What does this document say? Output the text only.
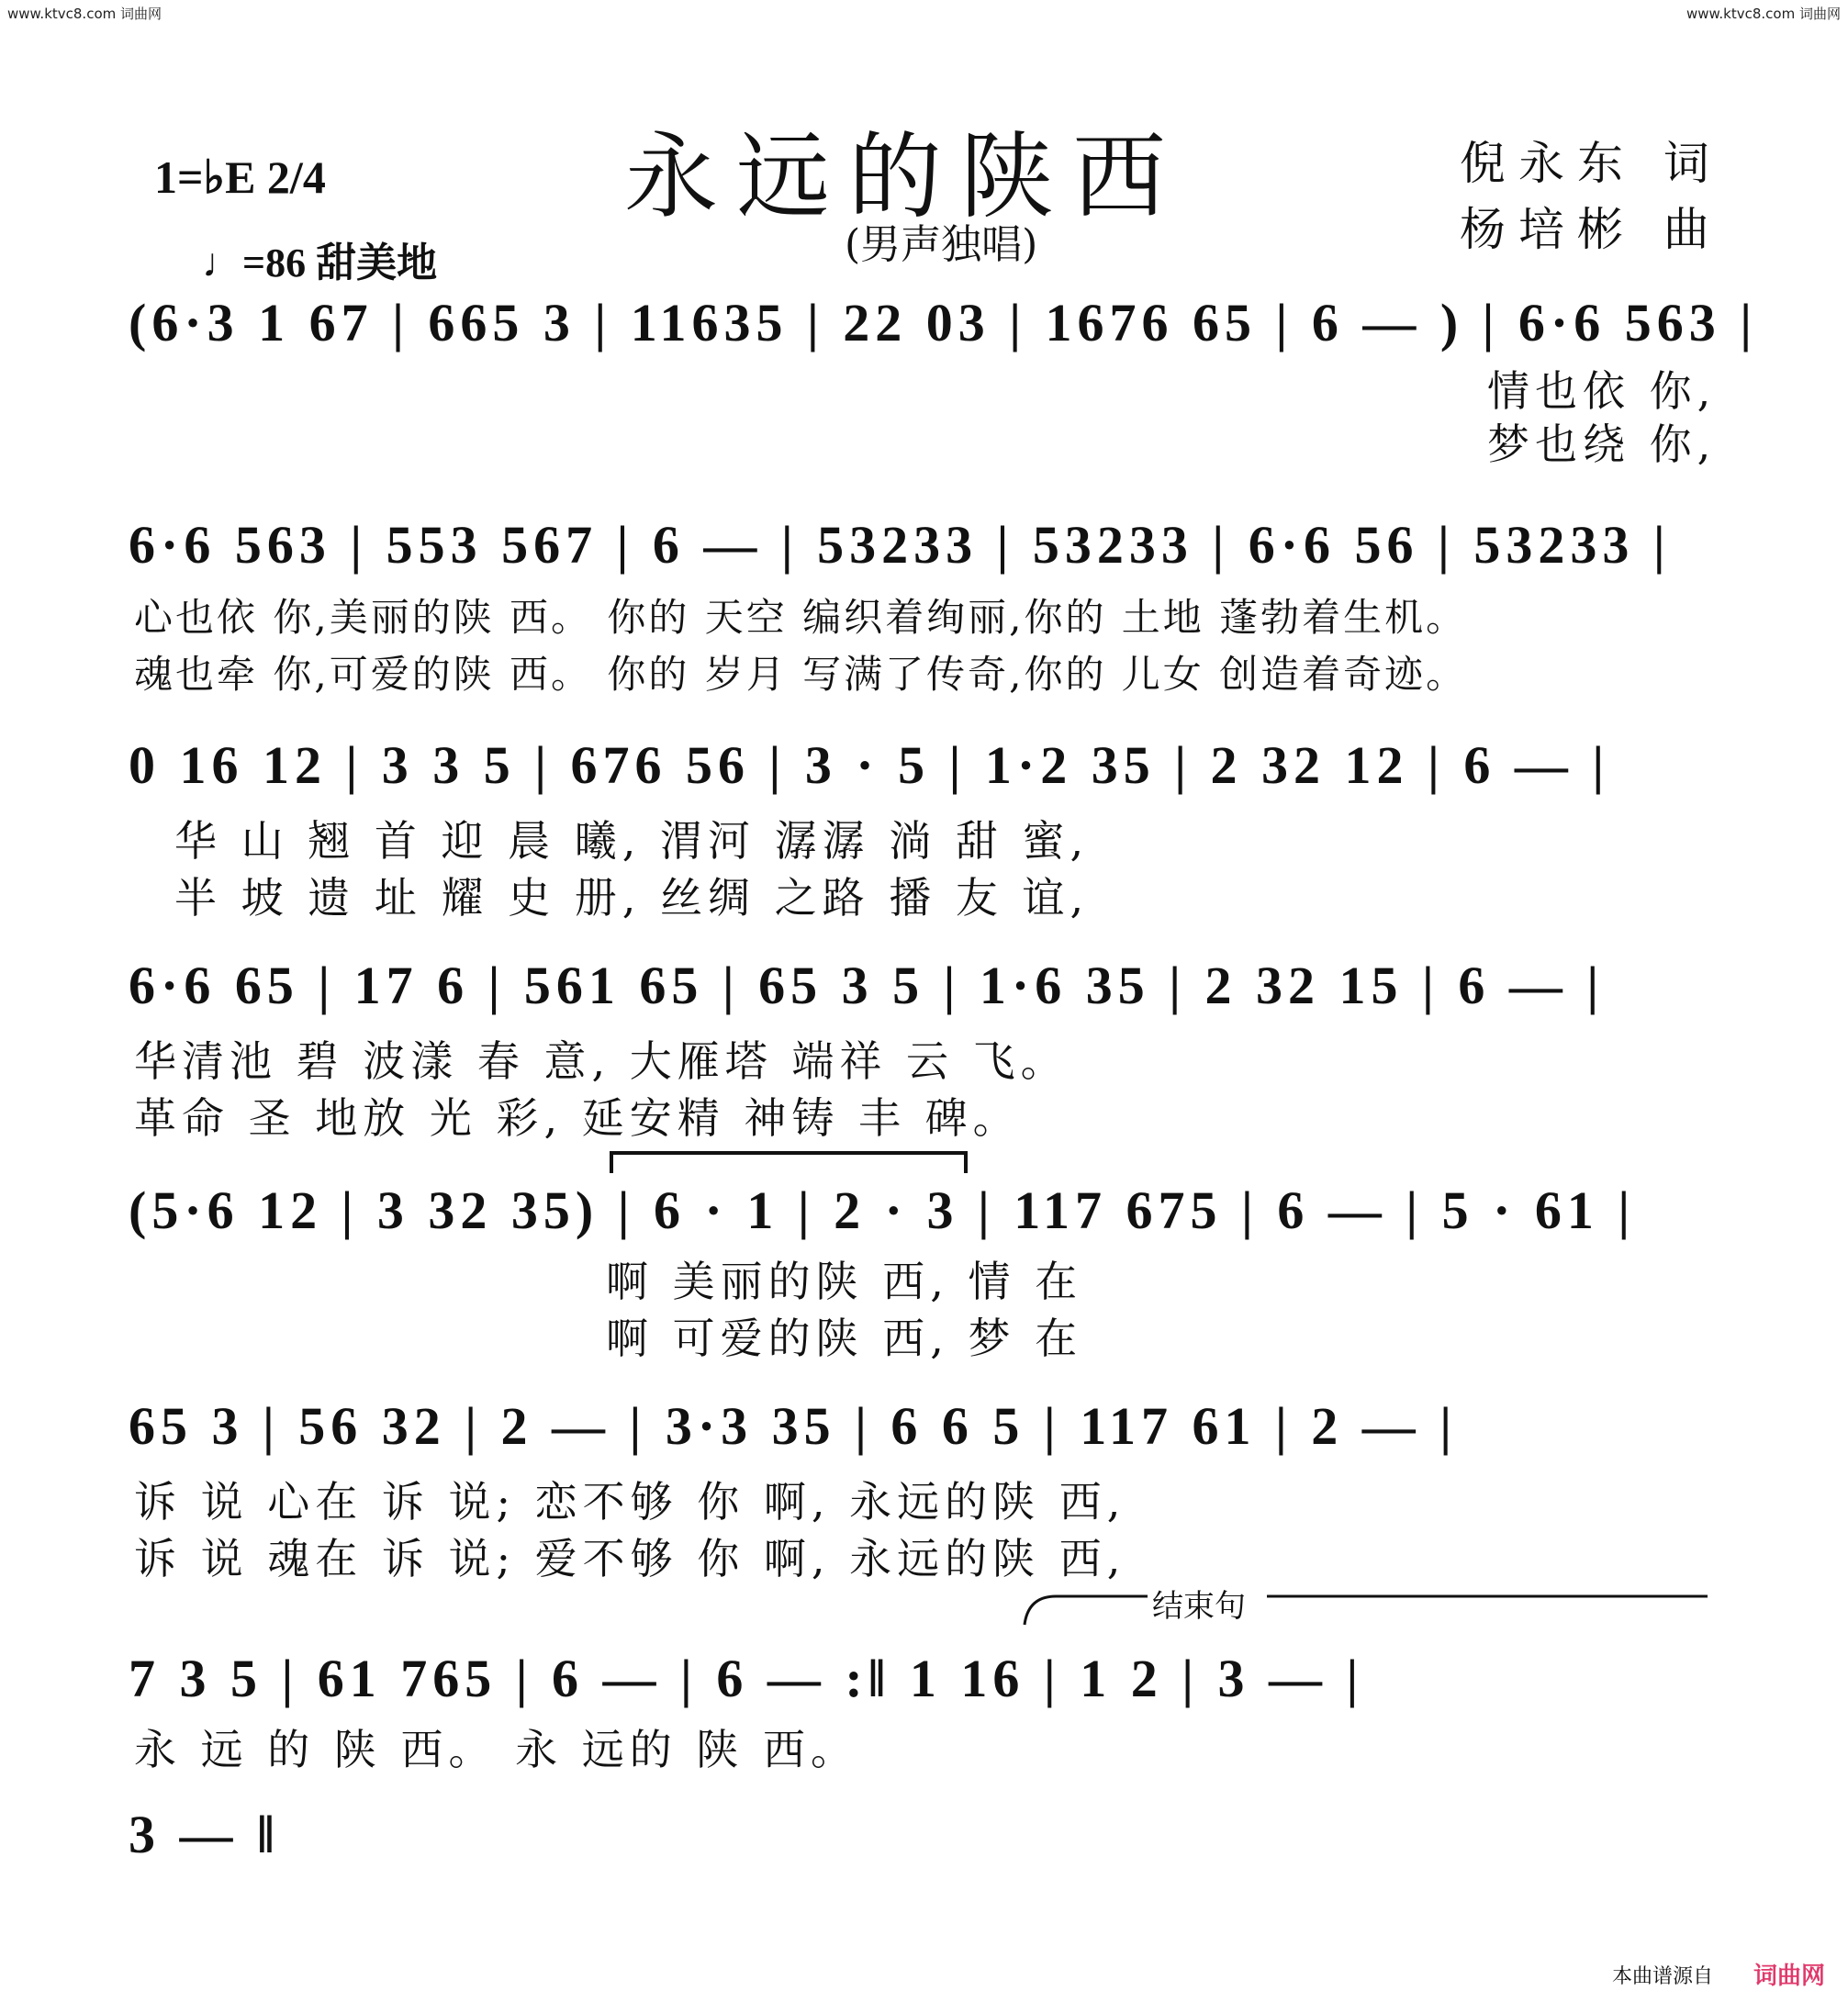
www.ktvc8.com 词曲网	www.ktvc8.com 词曲网
永远的陕西
(男声独唱)
倪永东 词
杨培彬 曲
1=♭E 2/4
♩=86 甜美地
(6·3 1 67 | 665 3 | 11635 | 22 03 | 1676 65 | 6 — ) | 6·6 563 |
情也依 你,
梦也绕 你,
6·6 563 | 553 567 | 6 — | 53233 | 53233 | 6·6 56 | 53233 |
心也依 你,美丽的陕 西。 你的 天空 编织着绚丽,你的 土地 蓬勃着生机。
魂也牵 你,可爱的陕 西。 你的 岁月 写满了传奇,你的 儿女 创造着奇迹。
0 16 12 | 3 3 5 | 676 56 | 3 · 5 | 1·2 35 | 2 32 12 | 6 — |
华 山 翘 首 迎 晨 曦, 渭河 潺潺 淌 甜 蜜,
半 坡 遗 址 耀 史 册, 丝绸 之路 播 友 谊,
6·6 65 | 17 6 | 561 65 | 65 3 5 | 1·6 35 | 2 32 15 | 6 — |
华清池 碧 波漾 春 意, 大雁塔 端祥 云 飞。
革命 圣 地放 光 彩, 延安精 神铸 丰 碑。
(5·6 12 | 3 32 35) | 6 · 1 | 2 · 3 | 117 675 | 6 — | 5 · 61 |
啊 美丽的陕 西, 情 在
啊 可爱的陕 西, 梦 在
65 3 | 56 32 | 2 — | 3·3 35 | 6 6 5 | 117 61 | 2 — |
诉 说 心在 诉 说; 恋不够 你 啊, 永远的陕 西,
诉 说 魂在 诉 说; 爱不够 你 啊, 永远的陕 西,
结束句
7 3 5 | 61 765 | 6 — | 6 — :‖ 1 16 | 1 2 | 3 — |
永 远 的 陕 西。 永 远的 陕 西。
3 — ‖
本曲谱源自 词曲网
